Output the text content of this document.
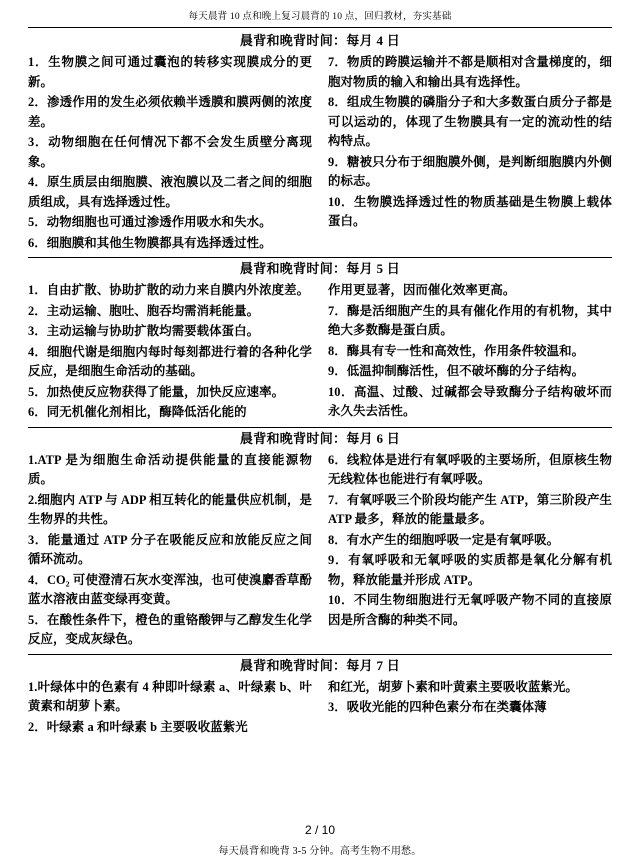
每天晨背 10 点和晚上复习晨背的 10 点，回归教材，夯实基础
晨背和晚背时间：每月 4 日

1．生物膜之间可通过囊泡的转移实现膜成分的更新。

2．渗透作用的发生必须依赖半透膜和膜两侧的浓度差。

3．动物细胞在任何情况下都不会发生质壁分离现象。

4．原生质层由细胞膜、液泡膜以及二者之间的细胞质组成，具有选择透过性。

5．动物细胞也可通过渗透作用吸水和失水。

6．细胞膜和其他生物膜都具有选择透过性。

7．物质的跨膜运输并不都是顺相对含量梯度的，细胞对物质的输入和输出具有选择性。

8．组成生物膜的磷脂分子和大多数蛋白质分子都是可以运动的，体现了生物膜具有一定的流动性的结构特点。

9．糖被只分布于细胞膜外侧，是判断细胞膜内外侧的标志。

10．生物膜选择透过性的物质基础是生物膜上载体蛋白。

晨背和晚背时间：每月 5 日

1．自由扩散、协助扩散的动力来自膜内外浓度差。

2．主动运输、胞吐、胞吞均需消耗能量。

3．主动运输与协助扩散均需要载体蛋白。

4．细胞代谢是细胞内每时每刻都进行着的各种化学反应，是细胞生命活动的基础。

5．加热使反应物获得了能量，加快反应速率。

6．同无机催化剂相比，酶降低活化能的

作用更显著，因而催化效率更高。

7．酶是活细胞产生的具有催化作用的有机物，其中绝大多数酶是蛋白质。

8．酶具有专一性和高效性，作用条件较温和。

9．低温抑制酶活性，但不破坏酶的分子结构。

10．高温、过酸、过碱都会导致酶分子结构破坏而永久失去活性。

晨背和晚背时间：每月 6 日

1.ATP 是为细胞生命活动提供能量的直接能源物质。

2.细胞内 ATP 与 ADP 相互转化的能量供应机制，是生物界的共性。

3．能量通过 ATP 分子在吸能反应和放能反应之间循环流动。

4．CO₂ 可使澄清石灰水变浑浊，也可使溴麝香草酚蓝水溶液由蓝变绿再变黄。

5．在酸性条件下，橙色的重铬酸钾与乙醇发生化学反应，变成灰绿色。

6．线粒体是进行有氧呼吸的主要场所，但原核生物无线粒体也能进行有氧呼吸。

7．有氧呼吸三个阶段均能产生 ATP，第三阶段产生 ATP 最多，释放的能量最多。

8．有水产生的细胞呼吸一定是有氧呼吸。

9．有氧呼吸和无氧呼吸的实质都是氧化分解有机物，释放能量并形成 ATP。

10．不同生物细胞进行无氧呼吸产物不同的直接原因是所含酶的种类不同。

晨背和晚背时间：每月 7 日

1.叶绿体中的色素有 4 种即叶绿素 a、叶绿素 b、叶黄素和胡萝卜素。

2．叶绿素 a 和叶绿素 b 主要吸收蓝紫光

和红光，胡萝卜素和叶黄素主要吸收蓝紫光。

3．吸收光能的四种色素分布在类囊体薄

2 / 10
每天晨背和晚背 3-5 分钟。高考生物不用愁。
